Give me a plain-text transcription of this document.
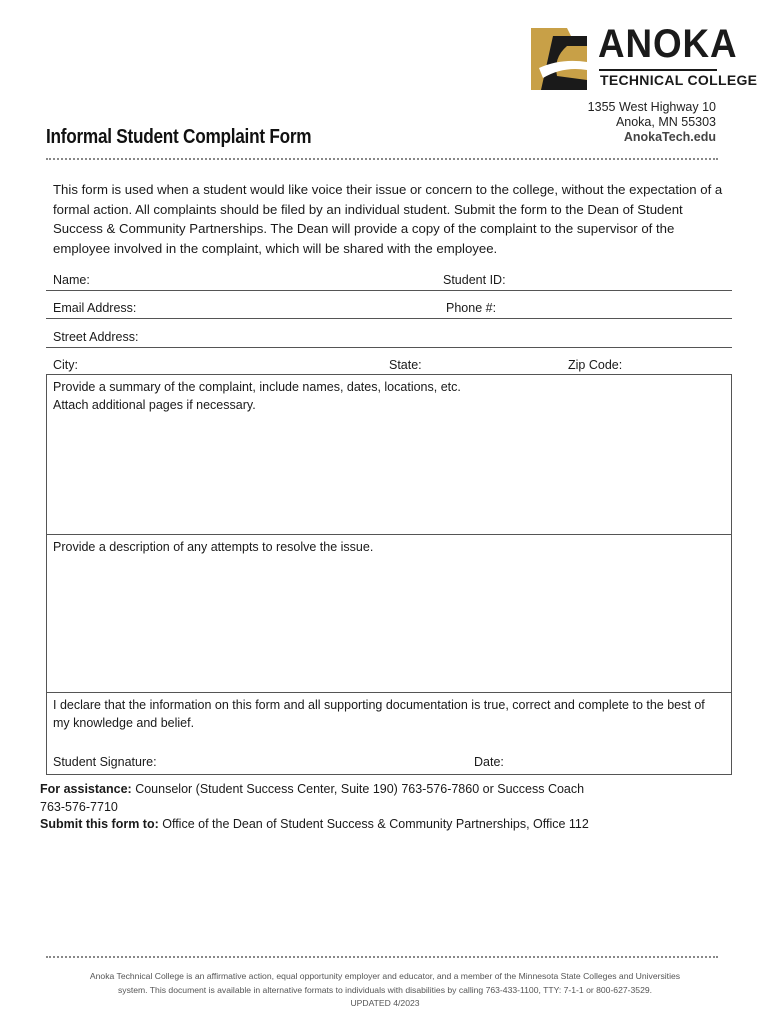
ANOKA
TECHNICAL COLLEGE
1355 West Highway 10
Anoka, MN 55303
AnokaTech.edu
Informal Student Complaint Form
This form is used when a student would like voice their issue or concern to the college, without the expectation of a formal action. All complaints should be filed by an individual student. Submit the form to the Dean of Student Success & Community Partnerships. The Dean will provide a copy of the complaint to the supervisor of the employee involved in the complaint, which will be shared with the employee.
Name:	Student ID:
Email Address:	Phone #:
Street Address:
City:	State:	Zip Code:
Provide a summary of the complaint, include names, dates, locations, etc.
Attach additional pages if necessary.
Provide a description of any attempts to resolve the issue.
I declare that the information on this form and all supporting documentation is true, correct and complete to the best of my knowledge and belief.
Student Signature:	Date:
For assistance: Counselor (Student Success Center, Suite 190) 763-576-7860 or Success Coach
763-576-7710
Submit this form to: Office of the Dean of Student Success & Community Partnerships, Office 112
Anoka Technical College is an affirmative action, equal opportunity employer and educator, and a member of the Minnesota State Colleges and Universities
system. This document is available in alternative formats to individuals with disabilities by calling 763-433-1100, TTY: 7-1-1 or 800-627-3529.
UPDATED 4/2023
